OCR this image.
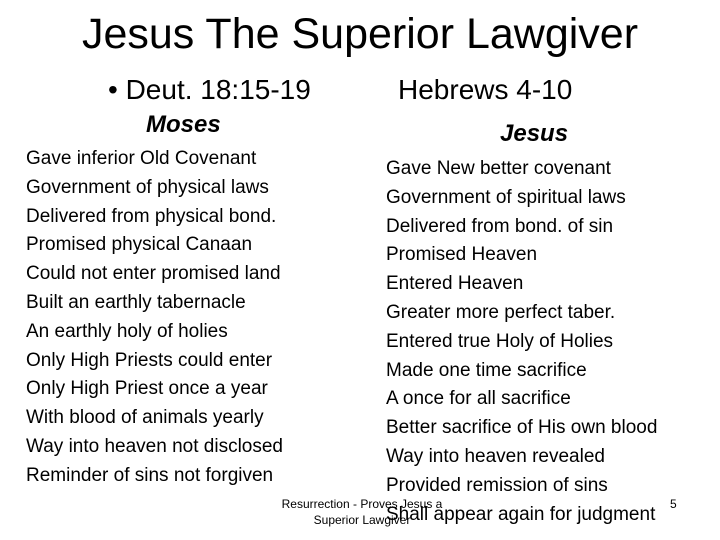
Jesus The Superior Lawgiver
• Deut. 18:15-19	Hebrews 4-10
Moses	Jesus
Gave inferior Old Covenant
Government of physical laws
Delivered from physical bond.
Promised physical Canaan
Could not enter promised land
Built an earthly tabernacle
An earthly holy of holies
Only High Priests could enter
Only High Priest once a year
With blood of animals yearly
Way into heaven not disclosed
Reminder of sins not forgiven
Gave New better covenant
Government of spiritual laws
Delivered from bond. of sin
Promised Heaven
Entered Heaven
Greater more perfect taber.
Entered true Holy of Holies
Made one time sacrifice
A once for all sacrifice
Better sacrifice of His own blood
Way into heaven revealed
Provided remission of sins
Shall appear again for judgment
Resurrection - Proves Jesus a Superior Lawgiver
5
